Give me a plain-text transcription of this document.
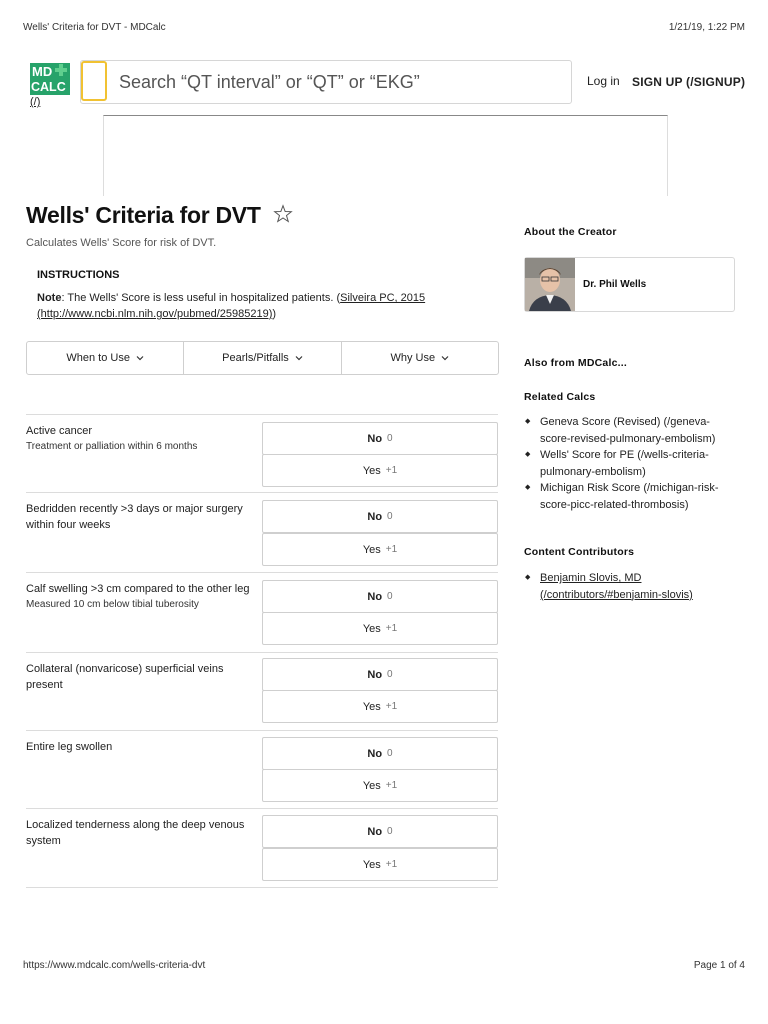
Wells' Criteria for DVT - MDCalc	1/21/19, 1:22 PM
MD
CALC
(/)
Search “QT interval” or “QT” or “EKG”
Log in SIGN UP (/SIGNUP)
Wells' Criteria for DVT
Calculates Wells' Score for risk of DVT.
INSTRUCTIONS
Note: The Wells' Score is less useful in hospitalized patients. (Silveira PC, 2015
(http://www.ncbi.nlm.nih.gov/pubmed/25985219))
When to Use	Pearls/Pitfalls	Why Use
Active cancer
Treatment or palliation within 6 months
No 0
Yes +1
Bedridden recently >3 days or major surgery within four weeks
No 0
Yes +1
Calf swelling >3 cm compared to the other leg
Measured 10 cm below tibial tuberosity
No 0
Yes +1
Collateral (nonvaricose) superficial veins present
No 0
Yes +1
Entire leg swollen
No 0
Yes +1
Localized tenderness along the deep venous system
No 0
Yes +1
About the Creator
Dr. Phil Wells
Also from MDCalc...
Related Calcs
◆ Geneva Score (Revised) (/geneva-score-revised-pulmonary-embolism)
◆ Wells' Score for PE (/wells-criteria-pulmonary-embolism)
◆ Michigan Risk Score (/michigan-risk-score-picc-related-thrombosis)
Content Contributors
◆ Benjamin Slovis, MD
(/contributors/#benjamin-slovis)
https://www.mdcalc.com/wells-criteria-dvt	Page 1 of 4
